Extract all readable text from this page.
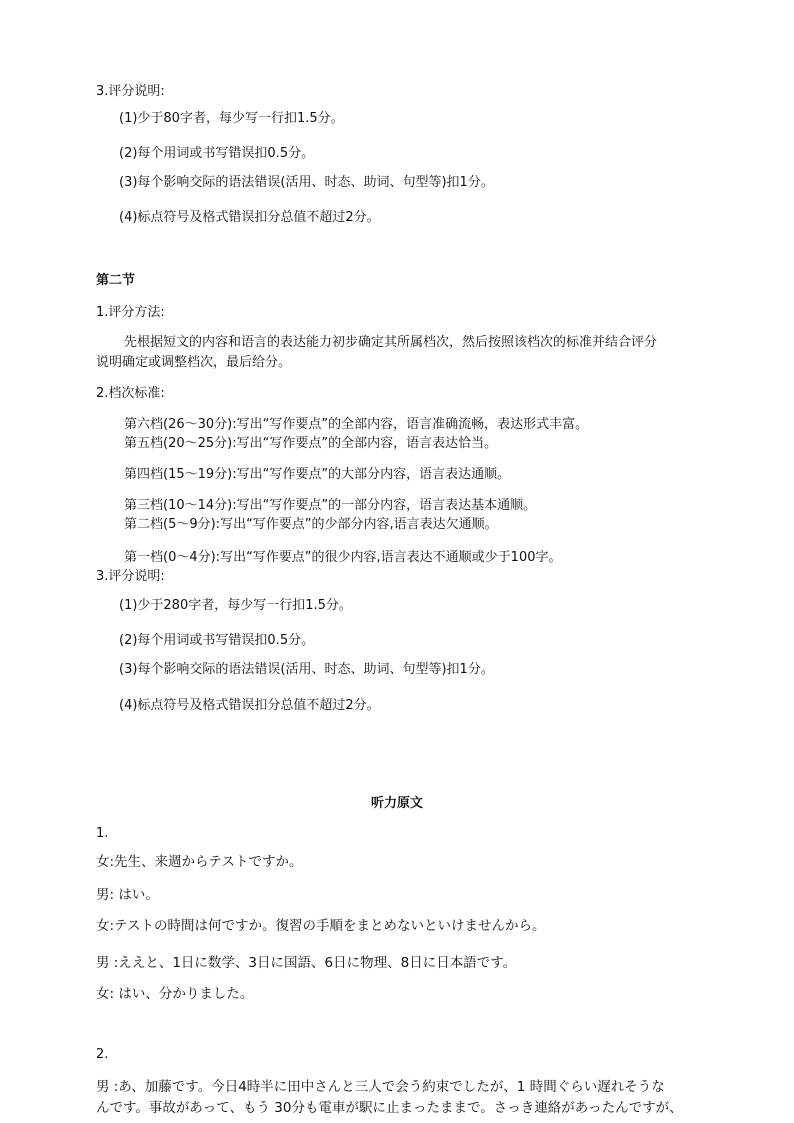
3.评分说明:
(1)少于80字者，每少写一行扣1.5分。
(2)每个用词或书写错误扣0.5分。
(3)每个影响交际的语法错误(活用、时态、助词、句型等)扣1分。
(4)标点符号及格式错误扣分总值不超过2分。
第二节
1.评分方法:
先根据短文的内容和语言的表达能力初步确定其所属档次，然后按照该档次的标准并结合评分
说明确定或调整档次，最后给分。
2.档次标准:
第六档(26～30分):写出“写作要点”的全部内容，语言准确流畅，表达形式丰富。
第五档(20～25分):写出“写作要点”的全部内容，语言表达恰当。
第四档(15～19分):写出“写作要点”的大部分内容，语言表达通顺。
第三档(10～14分):写出“写作要点”的一部分内容，语言表达基本通顺。
第二档(5～9分):写出“写作要点”的少部分内容,语言表达欠通顺。
第一档(0～4分):写出“写作要点”的很少内容,语言表达不通顺或少于100字。
3.评分说明:
(1)少于280字者，每少写一行扣1.5分。
(2)每个用词或书写错误扣0.5分。
(3)每个影响交际的语法错误(活用、时态、助词、句型等)扣1分。
(4)标点符号及格式错误扣分总值不超过2分。
听力原文
1.
女:先生、来週からテストですか。
男: はい。
女:テストの時間は何ですか。復習の手順をまとめないといけませんから。
男 :ええと、1日に数学、3日に国語、6日に物理、8日に日本語です。
女: はい、分かりました。
2.
男 :あ、加藤です。今日4時半に田中さんと三人で会う約束でしたが、1 時間ぐらい遅れそうな
んです。事故があって、もう 30分も電車が駅に止まったままで。さっき連絡があったんですが、
